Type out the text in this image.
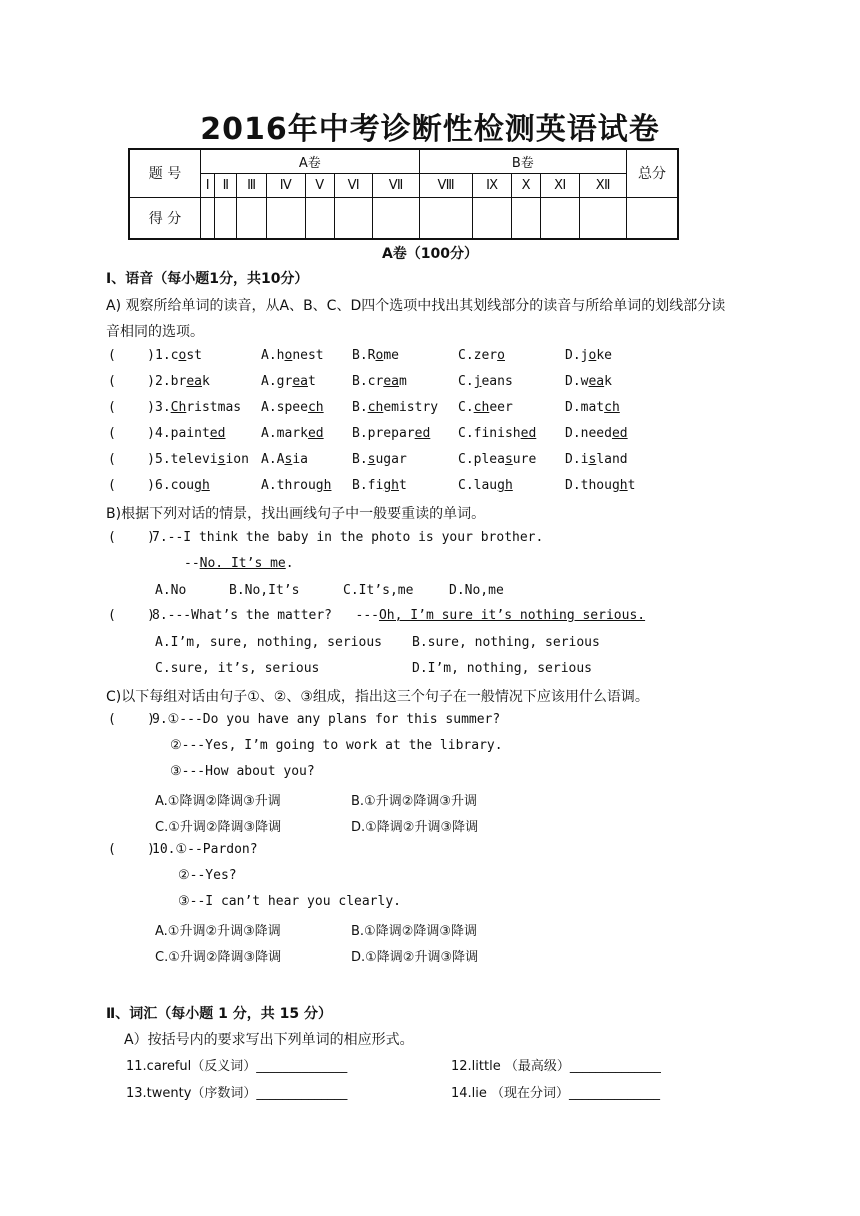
2016年中考诊断性检测英语试卷
题 号	A卷							B卷					总分
	Ⅰ	Ⅱ	Ⅲ	Ⅳ	Ⅴ	Ⅵ	Ⅶ	Ⅷ	Ⅸ	Ⅹ	Ⅺ	Ⅻ	
得 分													
A卷（100分）
Ⅰ、语音（每小题1分，共10分）
A) 观察所给单词的读音，从A、B、C、D四个选项中找出其划线部分的读音与所给单词的划线部分读
音相同的选项。
(    ) 1.cost	A.honest B.Rome	C.zero	D.joke
(    ) 2.break	A.great	B.cream	C.jeans	D.weak
(    ) 3.Christmas A.speech B.chemistry C.cheer	D.match
(    ) 4.painted	A.marked B.prepared C.finished D.needed
(    ) 5.television A.Asia	B.sugar	C.pleasure D.island
(    ) 6.cough	A.through B.fight	C.laugh	D.thought
B)根据下列对话的情景，找出画线句子中一般要重读的单词。
(    )
7.--I think the baby in the photo is your brother.
--No. It’s me.
A.No	B.No,It’s	C.It’s,me	D.No,me
(    )
8.---What’s the matter?   ---Oh, I’m sure it’s nothing serious.
A.I’m, sure, nothing, serious B.sure, nothing, serious
C.sure, it’s, serious	D.I’m, nothing, serious
C)以下每组对话由句子①、②、③组成，指出这三个句子在一般情况下应该用什么语调。
(    )
9.①---Do you have any plans for this summer?
②---Yes, I’m going to work at the library.
③---How about you?
A.①降调②降调③升调	B.①升调②降调③升调
C.①升调②降调③降调	D.①降调②升调③降调
(    )
10.①--Pardon?
②--Yes?
③--I can’t hear you clearly.
A.①升调②升调③降调	B.①降调②降调③降调
C.①升调②降调③降调	D.①降调②升调③降调
Ⅱ、词汇（每小题 1 分，共 15 分）
A）按括号内的要求写出下列单词的相应形式。
11.careful（反义词）______________	12.little （最高级）______________
13.twenty（序数词）______________	14.lie （现在分词）______________
